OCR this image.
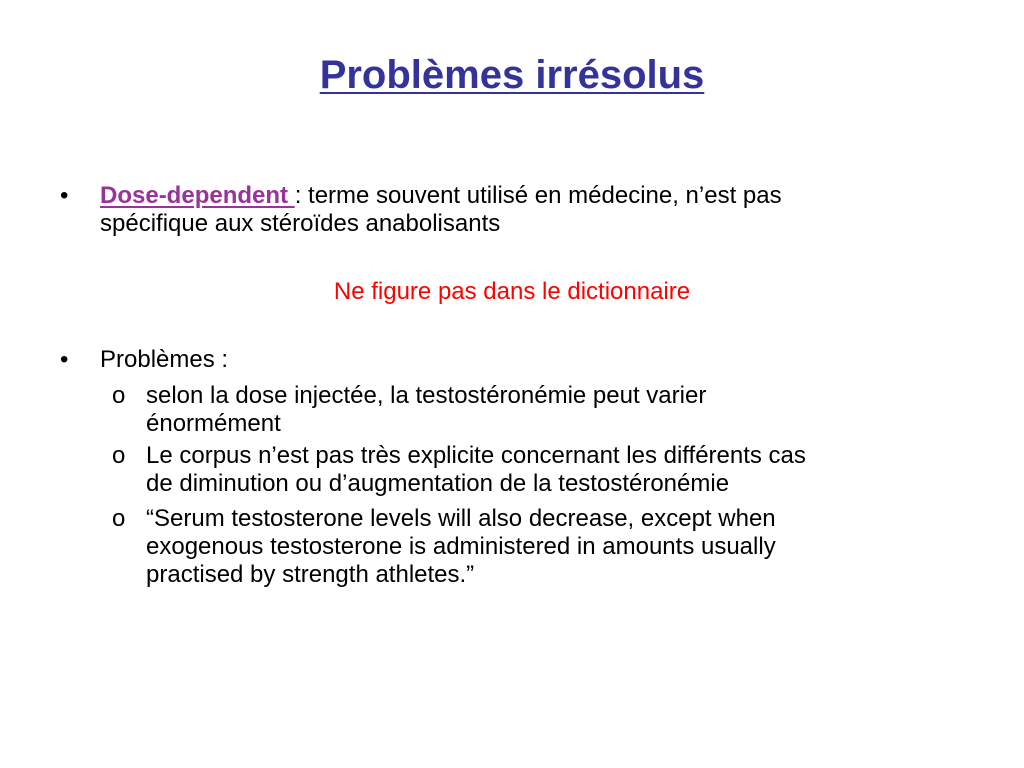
Problèmes irrésolus
• Dose-dependent : terme souvent utilisé en médecine, n’est pas
spécifique aux stéroïdes anabolisants
Ne figure pas dans le dictionnaire
• Problèmes :
o selon la dose injectée, la testostéronémie peut varier
énormément
o Le corpus n’est pas très explicite concernant les différents cas
de diminution ou d’augmentation de la testostéronémie
o “Serum testosterone levels will also decrease, except when
exogenous testosterone is administered in amounts usually
practised by strength athletes.”
